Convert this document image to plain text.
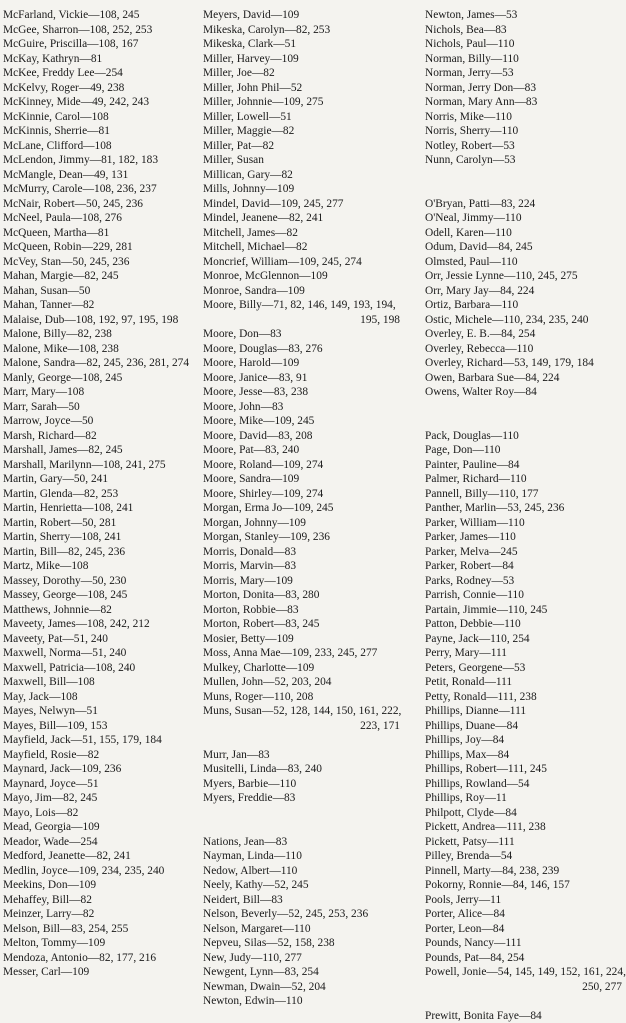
McFarland, Vickie—108, 245
McGee, Sharron—108, 252, 253
McGuire, Priscilla—108, 167
McKay, Kathryn—81
McKee, Freddy Lee—254
McKelvy, Roger—49, 238
McKinney, Mide—49, 242, 243
McKinnie, Carol—108
McKinnis, Sherrie—81
McLane, Clifford—108
McLendon, Jimmy—81, 182, 183
McMangle, Dean—49, 131
McMurry, Carole—108, 236, 237
McNair, Robert—50, 245, 236
McNeel, Paula—108, 276
McQueen, Martha—81
McQueen, Robin—229, 281
McVey, Stan—50, 245, 236
Mahan, Margie—82, 245
Mahan, Susan—50
Mahan, Tanner—82
Malaise, Dub—108, 192, 97, 195, 198
Malone, Billy—82, 238
Malone, Mike—108, 238
Malone, Sandra—82, 245, 236, 281, 274
Manly, George—108, 245
Marr, Mary—108
Marr, Sarah—50
Marrow, Joyce—50
Marsh, Richard—82
Marshall, James—82, 245
Marshall, Marilynn—108, 241, 275
Martin, Gary—50, 241
Martin, Glenda—82, 253
Martin, Henrietta—108, 241
Martin, Robert—50, 281
Martin, Sherry—108, 241
Martin, Bill—82, 245, 236
Martz, Mike—108
Massey, Dorothy—50, 230
Massey, George—108, 245
Matthews, Johnnie—82
Maveety, James—108, 242, 212
Maveety, Pat—51, 240
Maxwell, Norma—51, 240
Maxwell, Patricia—108, 240
Maxwell, Bill—108
May, Jack—108
Mayes, Nelwyn—51
Mayes, Bill—109, 153
Mayfield, Jack—51, 155, 179, 184
Mayfield, Rosie—82
Maynard, Jack—109, 236
Maynard, Joyce—51
Mayo, Jim—82, 245
Mayo, Lois—82
Mead, Georgia—109
Meador, Wade—254
Medford, Jeanette—82, 241
Medlin, Joyce—109, 234, 235, 240
Meekins, Don—109
Mehaffey, Bill—82
Meinzer, Larry—82
Melson, Bill—83, 254, 255
Melton, Tommy—109
Mendoza, Antonio—82, 177, 216
Messer, Carl—109
Meyers, David—109
Mikeska, Carolyn—82, 253
Mikeska, Clark—51
Miller, Harvey—109
Miller, Joe—82
Miller, John Phil—52
Miller, Johnnie—109, 275
Miller, Lowell—51
Miller, Maggie—82
Miller, Pat—82
Miller, Susan
Millican, Gary—82
Mills, Johnny—109
Mindel, David—109, 245, 277
Mindel, Jeanene—82, 241
Mitchell, James—82
Mitchell, Michael—82
Moncrief, William—109, 245, 274
Monroe, McGlennon—109
Monroe, Sandra—109
Moore, Billy—71, 82, 146, 149, 193, 194,
195, 198
Moore, Don—83
Moore, Douglas—83, 276
Moore, Harold—109
Moore, Janice—83, 91
Moore, Jesse—83, 238
Moore, John—83
Moore, Mike—109, 245
Moore, David—83, 208
Moore, Pat—83, 240
Moore, Roland—109, 274
Moore, Sandra—109
Moore, Shirley—109, 274
Morgan, Erma Jo—109, 245
Morgan, Johnny—109
Morgan, Stanley—109, 236
Morris, Donald—83
Morris, Marvin—83
Morris, Mary—109
Morton, Donita—83, 280
Morton, Robbie—83
Morton, Robert—83, 245
Mosier, Betty—109
Moss, Anna Mae—109, 233, 245, 277
Mulkey, Charlotte—109
Mullen, John—52, 203, 204
Muns, Roger—110, 208
Muns, Susan—52, 128, 144, 150, 161, 222,
223, 171
Murr, Jan—83
Musitelli, Linda—83, 240
Myers, Barbie—110
Myers, Freddie—83
Nations, Jean—83
Nayman, Linda—110
Nedow, Albert—110
Neely, Kathy—52, 245
Neidert, Bill—83
Nelson, Beverly—52, 245, 253, 236
Nelson, Margaret—110
Nepveu, Silas—52, 158, 238
New, Judy—110, 277
Newgent, Lynn—83, 254
Newman, Dwain—52, 204
Newton, Edwin—110
Newton, James—53
Nichols, Bea—83
Nichols, Paul—110
Norman, Billy—110
Norman, Jerry—53
Norman, Jerry Don—83
Norman, Mary Ann—83
Norris, Mike—110
Norris, Sherry—110
Notley, Robert—53
Nunn, Carolyn—53
O'Bryan, Patti—83, 224
O'Neal, Jimmy—110
Odell, Karen—110
Odum, David—84, 245
Olmsted, Paul—110
Orr, Jessie Lynne—110, 245, 275
Orr, Mary Jay—84, 224
Ortiz, Barbara—110
Ostic, Michele—110, 234, 235, 240
Overley, E. B.—84, 254
Overley, Rebecca—110
Overley, Richard—53, 149, 179, 184
Owen, Barbara Sue—84, 224
Owens, Walter Roy—84
Pack, Douglas—110
Page, Don—110
Painter, Pauline—84
Palmer, Richard—110
Pannell, Billy—110, 177
Panther, Marlin—53, 245, 236
Parker, William—110
Parker, James—110
Parker, Melva—245
Parker, Robert—84
Parks, Rodney—53
Parrish, Connie—110
Partain, Jimmie—110, 245
Patton, Debbie—110
Payne, Jack—110, 254
Perry, Mary—111
Peters, Georgene—53
Petit, Ronald—111
Petty, Ronald—111, 238
Phillips, Dianne—111
Phillips, Duane—84
Phillips, Joy—84
Phillips, Max—84
Phillips, Robert—111, 245
Phillips, Rowland—54
Phillips, Roy—11
Philpott, Clyde—84
Pickett, Andrea—111, 238
Pickett, Patsy—111
Pilley, Brenda—54
Pinnell, Marty—84, 238, 239
Pokorny, Ronnie—84, 146, 157
Pools, Jerry—11
Porter, Alice—84
Porter, Leon—84
Pounds, Nancy—111
Pounds, Pat—84, 254
Powell, Jonie—54, 145, 149, 152, 161, 224,
250, 277
Prewitt, Bonita Faye—84
